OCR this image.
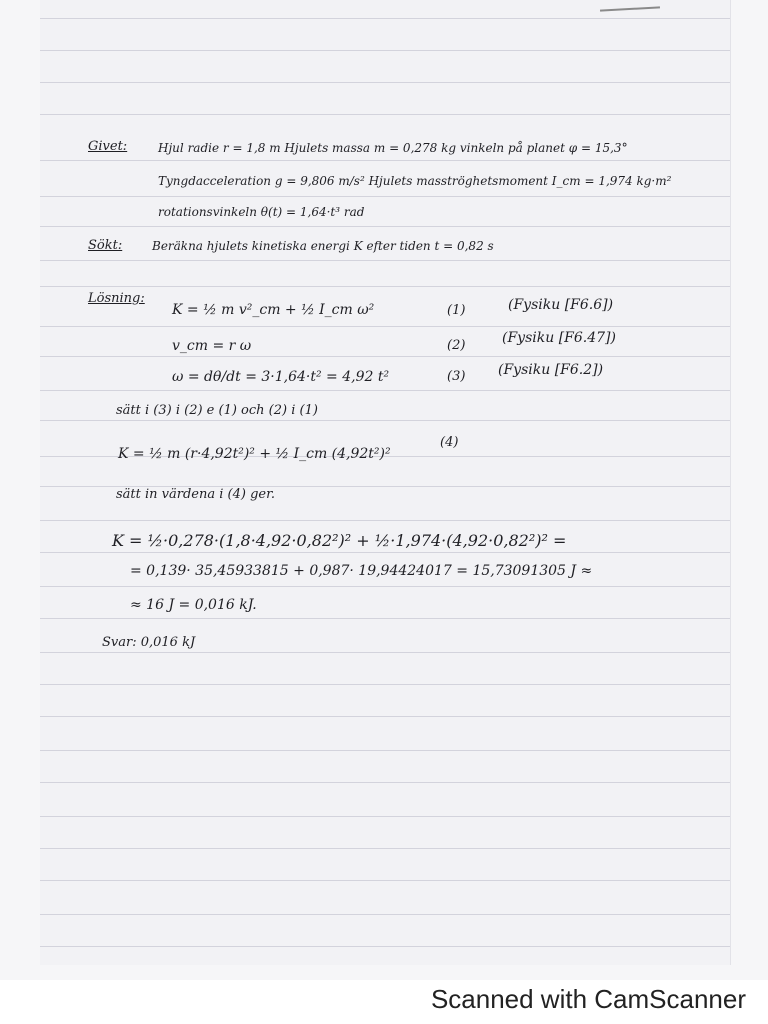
Givet:	Hjul radie r = 1,8 m Hjulets massa m = 0,278 kg vinkeln på planet φ = 15,3°
Tyngdacceleration g = 9,806 m/s² Hjulets masströghetsmoment I_cm = 1,974 kg·m²
rotationsvinkeln θ(t) = 1,64·t³ rad
Sökt: Beräkna hjulets kinetiska energi K efter tiden t = 0,82 s
Lösning:
K = ½ m v²_cm + ½ I_cm ω²	(1)	(Fysiku [F6.6])
v_cm = r ω	(2)	(Fysiku [F6.47])
ω = dθ/dt = 3·1,64·t² = 4,92 t²	(3) (Fysiku [F6.2])
sätt i (3) i (2) e (1) och (2) i (1)
K = ½ m (r·4,92t²)² + ½ I_cm (4,92t²)²
(4)
sätt in värdena i (4) ger.
K = ½·0,278·(1,8·4,92·0,82²)² + ½·1,974·(4,92·0,82²)² =
= 0,139· 35,45933815 + 0,987· 19,94424017 = 15,73091305 J ≈
≈ 16 J = 0,016 kJ.
Svar: 0,016 kJ
Scanned with CamScanner
